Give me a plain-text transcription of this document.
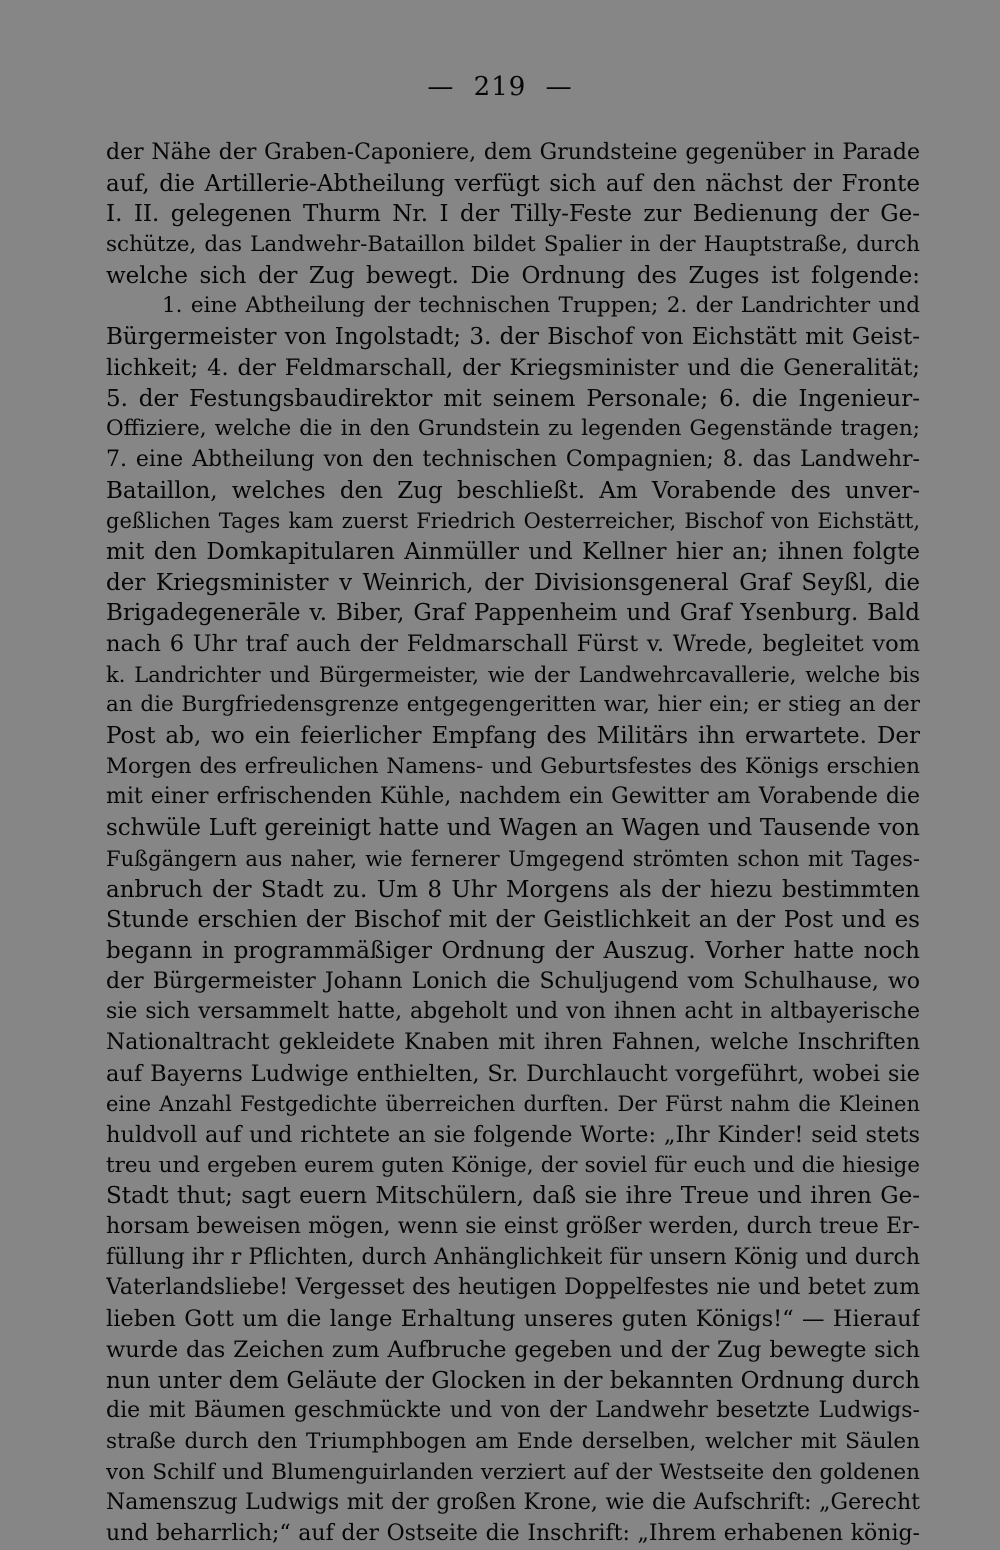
— 219 —
der Nähe der Graben-Caponiere, dem Grundsteine gegenüber in Parade
auf, die Artillerie-Abtheilung verfügt sich auf den nächst der Fronte
I. II. gelegenen Thurm Nr. I der Tilly-Feste zur Bedienung der Ge-
schütze, das Landwehr-Bataillon bildet Spalier in der Hauptstraße, durch
welche sich der Zug bewegt. Die Ordnung des Zuges ist folgende:
1. eine Abtheilung der technischen Truppen; 2. der Landrichter und
Bürgermeister von Ingolstadt; 3. der Bischof von Eichstätt mit Geist-
lichkeit; 4. der Feldmarschall, der Kriegsminister und die Generalität;
5. der Festungsbaudirektor mit seinem Personale; 6. die Ingenieur-
Offiziere, welche die in den Grundstein zu legenden Gegenstände tragen;
7. eine Abtheilung von den technischen Compagnien; 8. das Landwehr-
Bataillon, welches den Zug beschließt. Am Vorabende des unver-
geßlichen Tages kam zuerst Friedrich Oesterreicher, Bischof von Eichstätt,
mit den Domkapitularen Ainmüller und Kellner hier an; ihnen folgte
der Kriegsminister v Weinrich, der Divisionsgeneral Graf Seyßl, die
Brigadegenerāle v. Biber, Graf Pappenheim und Graf Ysenburg. Bald
nach 6 Uhr traf auch der Feldmarschall Fürst v. Wrede, begleitet vom
k. Landrichter und Bürgermeister, wie der Landwehrcavallerie, welche bis
an die Burgfriedensgrenze entgegengeritten war, hier ein; er stieg an der
Post ab, wo ein feierlicher Empfang des Militärs ihn erwartete. Der
Morgen des erfreulichen Namens- und Geburtsfestes des Königs erschien
mit einer erfrischenden Kühle, nachdem ein Gewitter am Vorabende die
schwüle Luft gereinigt hatte und Wagen an Wagen und Tausende von
Fußgängern aus naher, wie fernerer Umgegend strömten schon mit Tages-
anbruch der Stadt zu. Um 8 Uhr Morgens als der hiezu bestimmten
Stunde erschien der Bischof mit der Geistlichkeit an der Post und es
begann in programmäßiger Ordnung der Auszug. Vorher hatte noch
der Bürgermeister Johann Lonich die Schuljugend vom Schulhause, wo
sie sich versammelt hatte, abgeholt und von ihnen acht in altbayerische
Nationaltracht gekleidete Knaben mit ihren Fahnen, welche Inschriften
auf Bayerns Ludwige enthielten, Sr. Durchlaucht vorgeführt, wobei sie
eine Anzahl Festgedichte überreichen durften. Der Fürst nahm die Kleinen
huldvoll auf und richtete an sie folgende Worte: „Ihr Kinder! seid stets
treu und ergeben eurem guten Könige, der soviel für euch und die hiesige
Stadt thut; sagt euern Mitschülern, daß sie ihre Treue und ihren Ge-
horsam beweisen mögen, wenn sie einst größer werden, durch treue Er-
füllung ihr r Pflichten, durch Anhänglichkeit für unsern König und durch
Vaterlandsliebe! Vergesset des heutigen Doppelfestes nie und betet zum
lieben Gott um die lange Erhaltung unseres guten Königs!“ — Hierauf
wurde das Zeichen zum Aufbruche gegeben und der Zug bewegte sich
nun unter dem Geläute der Glocken in der bekannten Ordnung durch
die mit Bäumen geschmückte und von der Landwehr besetzte Ludwigs-
straße durch den Triumphbogen am Ende derselben, welcher mit Säulen
von Schilf und Blumenguirlanden verziert auf der Westseite den goldenen
Namenszug Ludwigs mit der großen Krone, wie die Aufschrift: „Gerecht
und beharrlich;“ auf der Ostseite die Inschrift: „Ihrem erhabenen könig-
